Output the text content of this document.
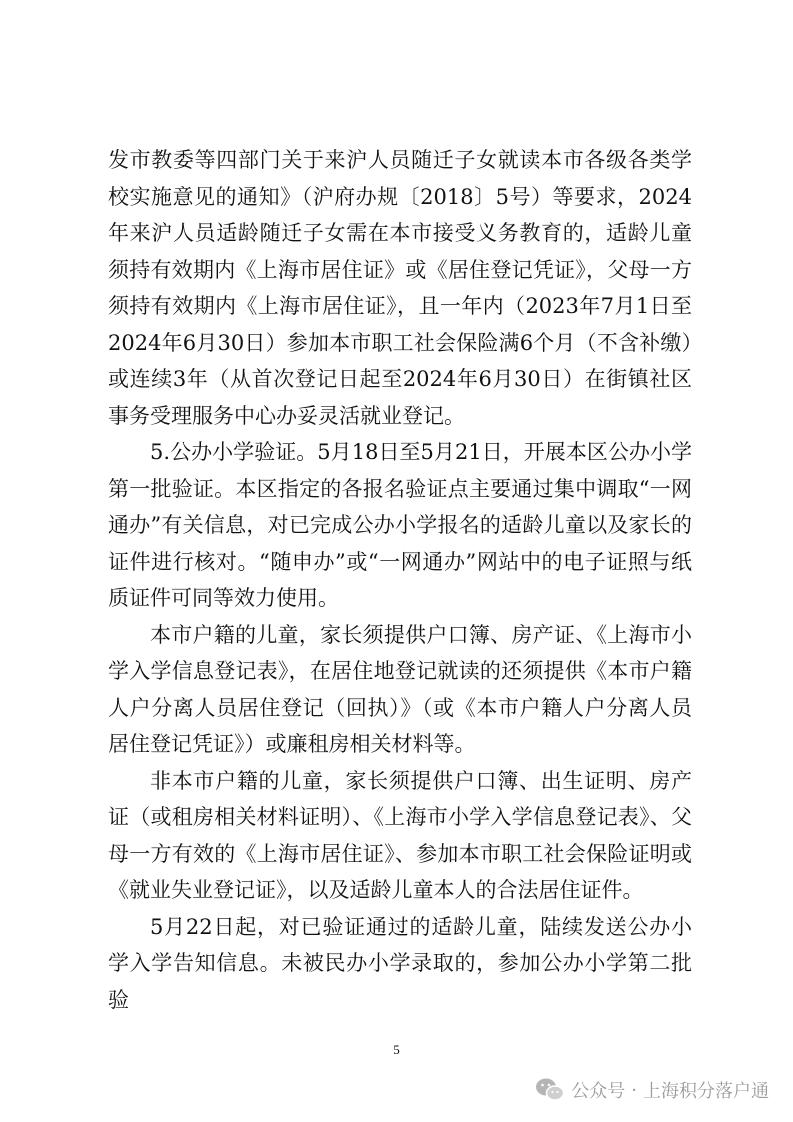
发市教委等四部门关于来沪人员随迁子女就读本市各级各类学校实施意见的通知》（沪府办规〔2018〕5号）等要求，2024年来沪人员适龄随迁子女需在本市接受义务教育的，适龄儿童须持有效期内《上海市居住证》或《居住登记凭证》，父母一方须持有效期内《上海市居住证》，且一年内（2023年7月1日至2024年6月30日）参加本市职工社会保险满6个月（不含补缴）或连续3年（从首次登记日起至2024年6月30日）在街镇社区事务受理服务中心办妥灵活就业登记。

5.公办小学验证。5月18日至5月21日，开展本区公办小学第一批验证。本区指定的各报名验证点主要通过集中调取“一网通办”有关信息，对已完成公办小学报名的适龄儿童以及家长的证件进行核对。“随申办”或“一网通办”网站中的电子证照与纸质证件可同等效力使用。

本市户籍的儿童，家长须提供户口簿、房产证、《上海市小学入学信息登记表》，在居住地登记就读的还须提供《本市户籍人户分离人员居住登记（回执）》（或《本市户籍人户分离人员居住登记凭证》）或廉租房相关材料等。

非本市户籍的儿童，家长须提供户口簿、出生证明、房产证（或租房相关材料证明）、《上海市小学入学信息登记表》、父母一方有效的《上海市居住证》、参加本市职工社会保险证明或《就业失业登记证》，以及适龄儿童本人的合法居住证件。

5月22日起，对已验证通过的适龄儿童，陆续发送公办小学入学告知信息。未被民办小学录取的，参加公办小学第二批验

5
公众号 · 上海积分落户通
